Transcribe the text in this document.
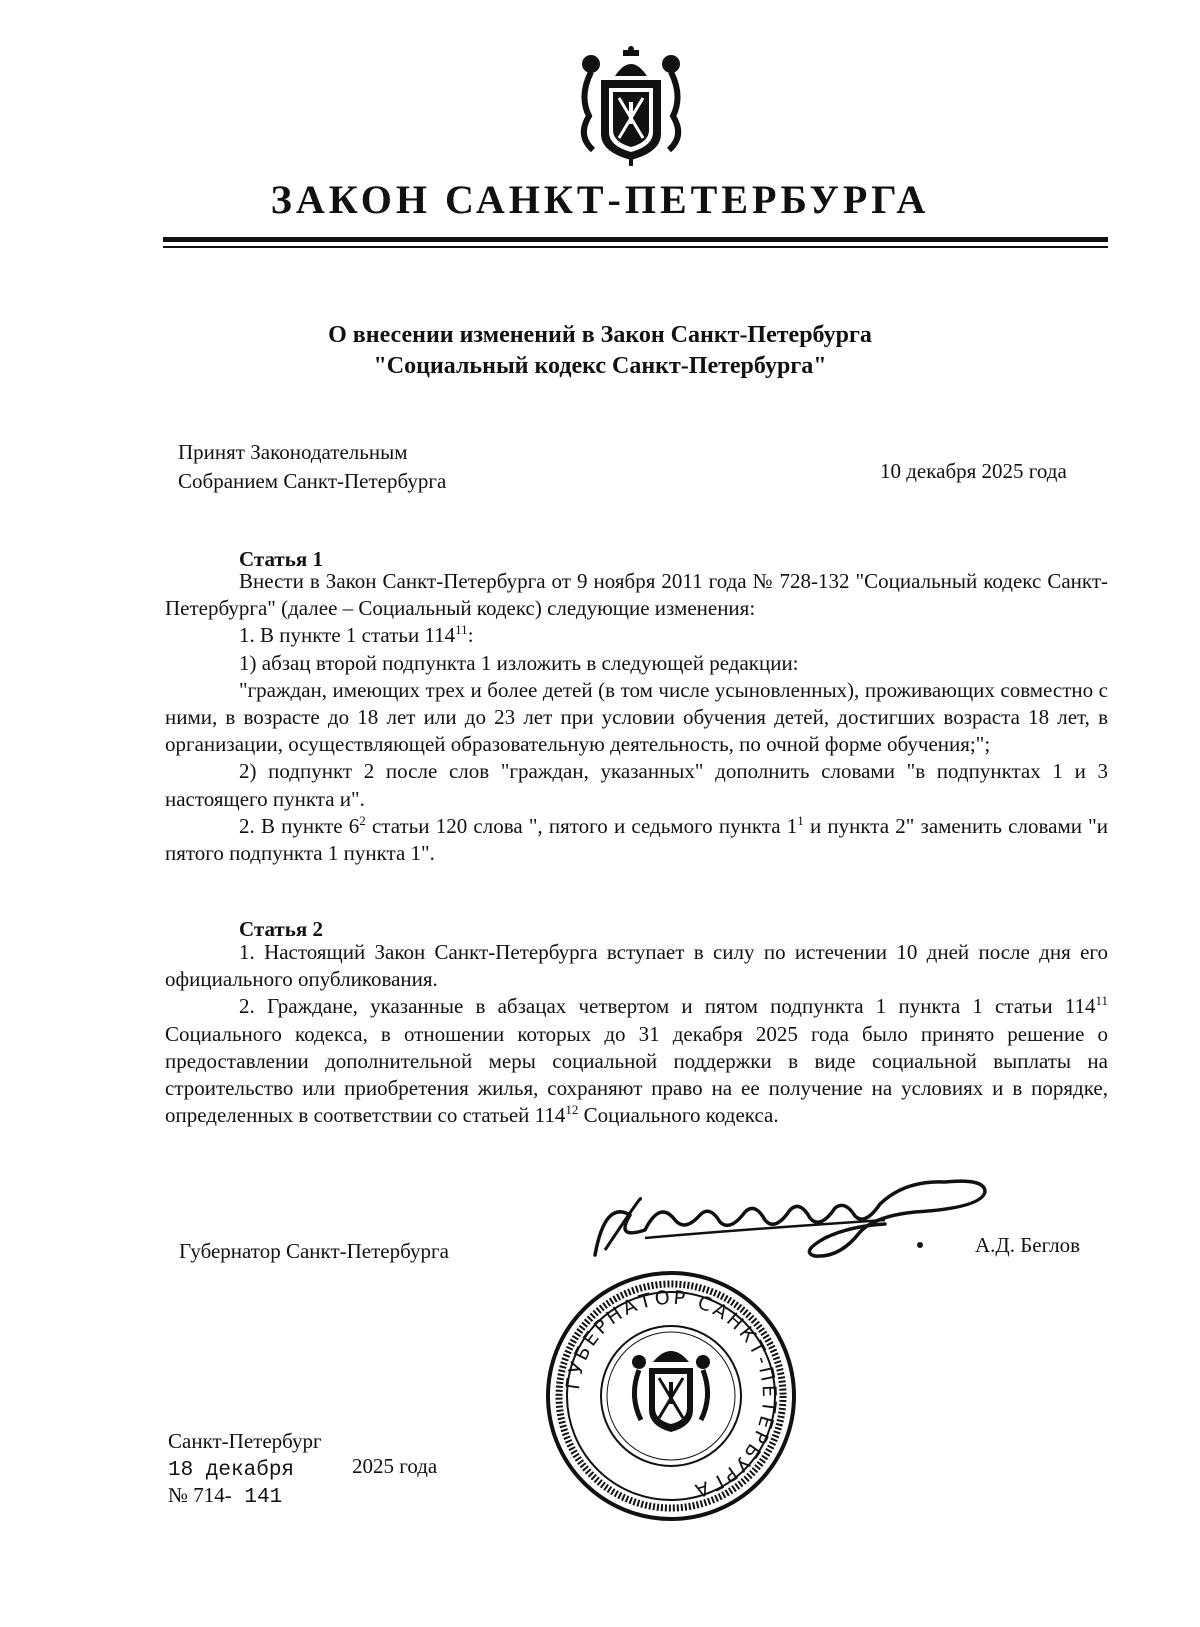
ЗАКОН САНКТ-ПЕТЕРБУРГА
О внесении изменений в Закон Санкт-Петербурга
"Социальный кодекс Санкт-Петербурга"
Принят Законодательным
Собранием Санкт-Петербурга	10 декабря 2025 года
Статья 1

Внести в Закон Санкт-Петербурга от 9 ноября 2011 года № 728-132 "Социальный кодекс Санкт-Петербурга" (далее – Социальный кодекс) следующие изменения:

1. В пункте 1 статьи $114^{11}$:

1) абзац второй подпункта 1 изложить в следующей редакции:

"граждан, имеющих трех и более детей (в том числе усыновленных), проживающих совместно с ними, в возрасте до 18 лет или до 23 лет при условии обучения детей, достигших возраста 18 лет, в организации, осуществляющей образовательную деятельность, по очной форме обучения;";

2) подпункт 2 после слов "граждан, указанных" дополнить словами "в подпунктах 1 и 3 настоящего пункта и".

2. В пункте $6^2$ статьи 120 слова ", пятого и седьмого пункта $1^1$ и пункта 2" заменить словами "и пятого подпункта 1 пункта 1".

Статья 2

1. Настоящий Закон Санкт-Петербурга вступает в силу по истечении 10 дней после дня его официального опубликования.

2. Граждане, указанные в абзацах четвертом и пятом подпункта 1 пункта 1 статьи $114^{11}$ Социального кодекса, в отношении которых до 31 декабря 2025 года было принято решение о предоставлении дополнительной меры социальной поддержки в виде социальной выплаты на строительство или приобретения жилья, сохраняют право на ее получение на условиях и в порядке, определенных в соответствии со статьей $114^{12}$ Социального кодекса.

Губернатор Санкт-Петербурга	А.Д. Беглов
ГУБЕРНАТОР САНКТ-ПЕТЕРБУРГА
Санкт-Петербург
18 декабря	2025 года
№ 714- 141
